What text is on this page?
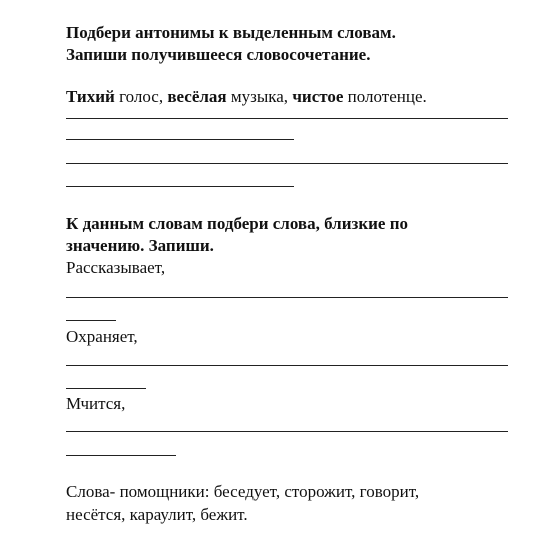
Подбери антонимы к выделенным словам.
Запиши получившееся словосочетание.

Тихий голос, весёлая музыка, чистое полотенце.

К данным словам подбери слова, близкие по
значению. Запиши.

Рассказывает,

Охраняет,

Мчится,

Слова- помощники: беседует, сторожит, говорит,
несётся, караулит, бежит.
